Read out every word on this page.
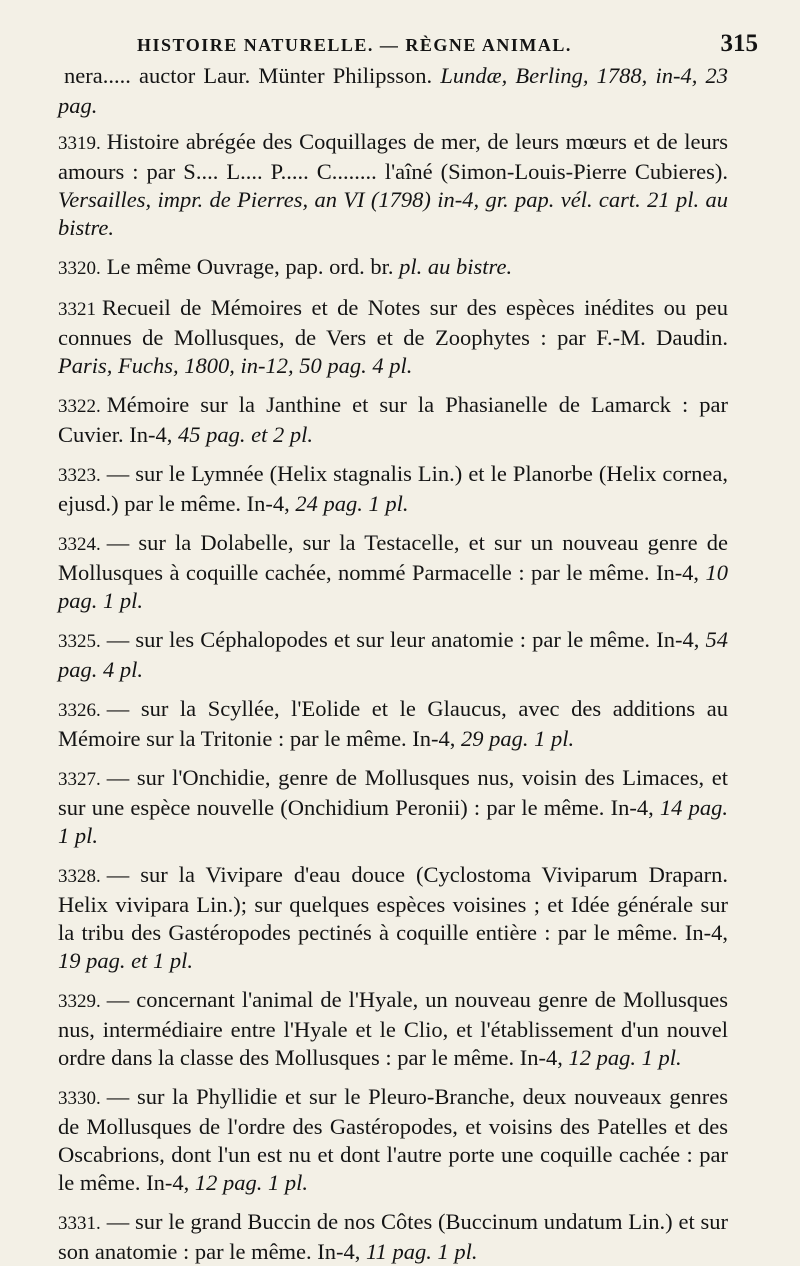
HISTOIRE NATURELLE. — RÈGNE ANIMAL.	315
nera..... auctor Laur. Münter Philipsson. Lundæ, Berling, 1788, in-4, 23 pag.
3319. Histoire abrégée des Coquillages de mer, de leurs mœurs et de leurs amours : par S.... L.... P..... C........ l'aîné (Simon-Louis-Pierre Cubieres). Versailles, impr. de Pierres, an VI (1798) in-4, gr. pap. vél. cart. 21 pl. au bistre.
3320. Le même Ouvrage, pap. ord. br. pl. au bistre.
3321 Recueil de Mémoires et de Notes sur des espèces inédites ou peu connues de Mollusques, de Vers et de Zoophytes : par F.-M. Daudin. Paris, Fuchs, 1800, in-12, 50 pag. 4 pl.
3322. Mémoire sur la Janthine et sur la Phasianelle de Lamarck : par Cuvier. In-4, 45 pag. et 2 pl.
3323. — sur le Lymnée (Helix stagnalis Lin.) et le Planorbe (Helix cornea, ejusd.) par le même. In-4, 24 pag. 1 pl.
3324. — sur la Dolabelle, sur la Testacelle, et sur un nouveau genre de Mollusques à coquille cachée, nommé Parmacelle : par le même. In-4, 10 pag. 1 pl.
3325. — sur les Céphalopodes et sur leur anatomie : par le même. In-4, 54 pag. 4 pl.
3326. — sur la Scyllée, l'Eolide et le Glaucus, avec des additions au Mémoire sur la Tritonie : par le même. In-4, 29 pag. 1 pl.
3327. — sur l'Onchidie, genre de Mollusques nus, voisin des Limaces, et sur une espèce nouvelle (Onchidium Peronii) : par le même. In-4, 14 pag. 1 pl.
3328. — sur la Vivipare d'eau douce (Cyclostoma Viviparum Draparn. Helix vivipara Lin.); sur quelques espèces voisines ; et Idée générale sur la tribu des Gastéropodes pectinés à coquille entière : par le même. In-4, 19 pag. et 1 pl.
3329. — concernant l'animal de l'Hyale, un nouveau genre de Mollusques nus, intermédiaire entre l'Hyale et le Clio, et l'établissement d'un nouvel ordre dans la classe des Mollusques : par le même. In-4, 12 pag. 1 pl.
3330. — sur la Phyllidie et sur le Pleuro-Branche, deux nouveaux genres de Mollusques de l'ordre des Gastéropodes, et voisins des Patelles et des Oscabrions, dont l'un est nu et dont l'autre porte une coquille cachée : par le même. In-4, 12 pag. 1 pl.
3331. — sur le grand Buccin de nos Côtes (Buccinum undatum Lin.) et sur son anatomie : par le même. In-4, 11 pag. 1 pl.
